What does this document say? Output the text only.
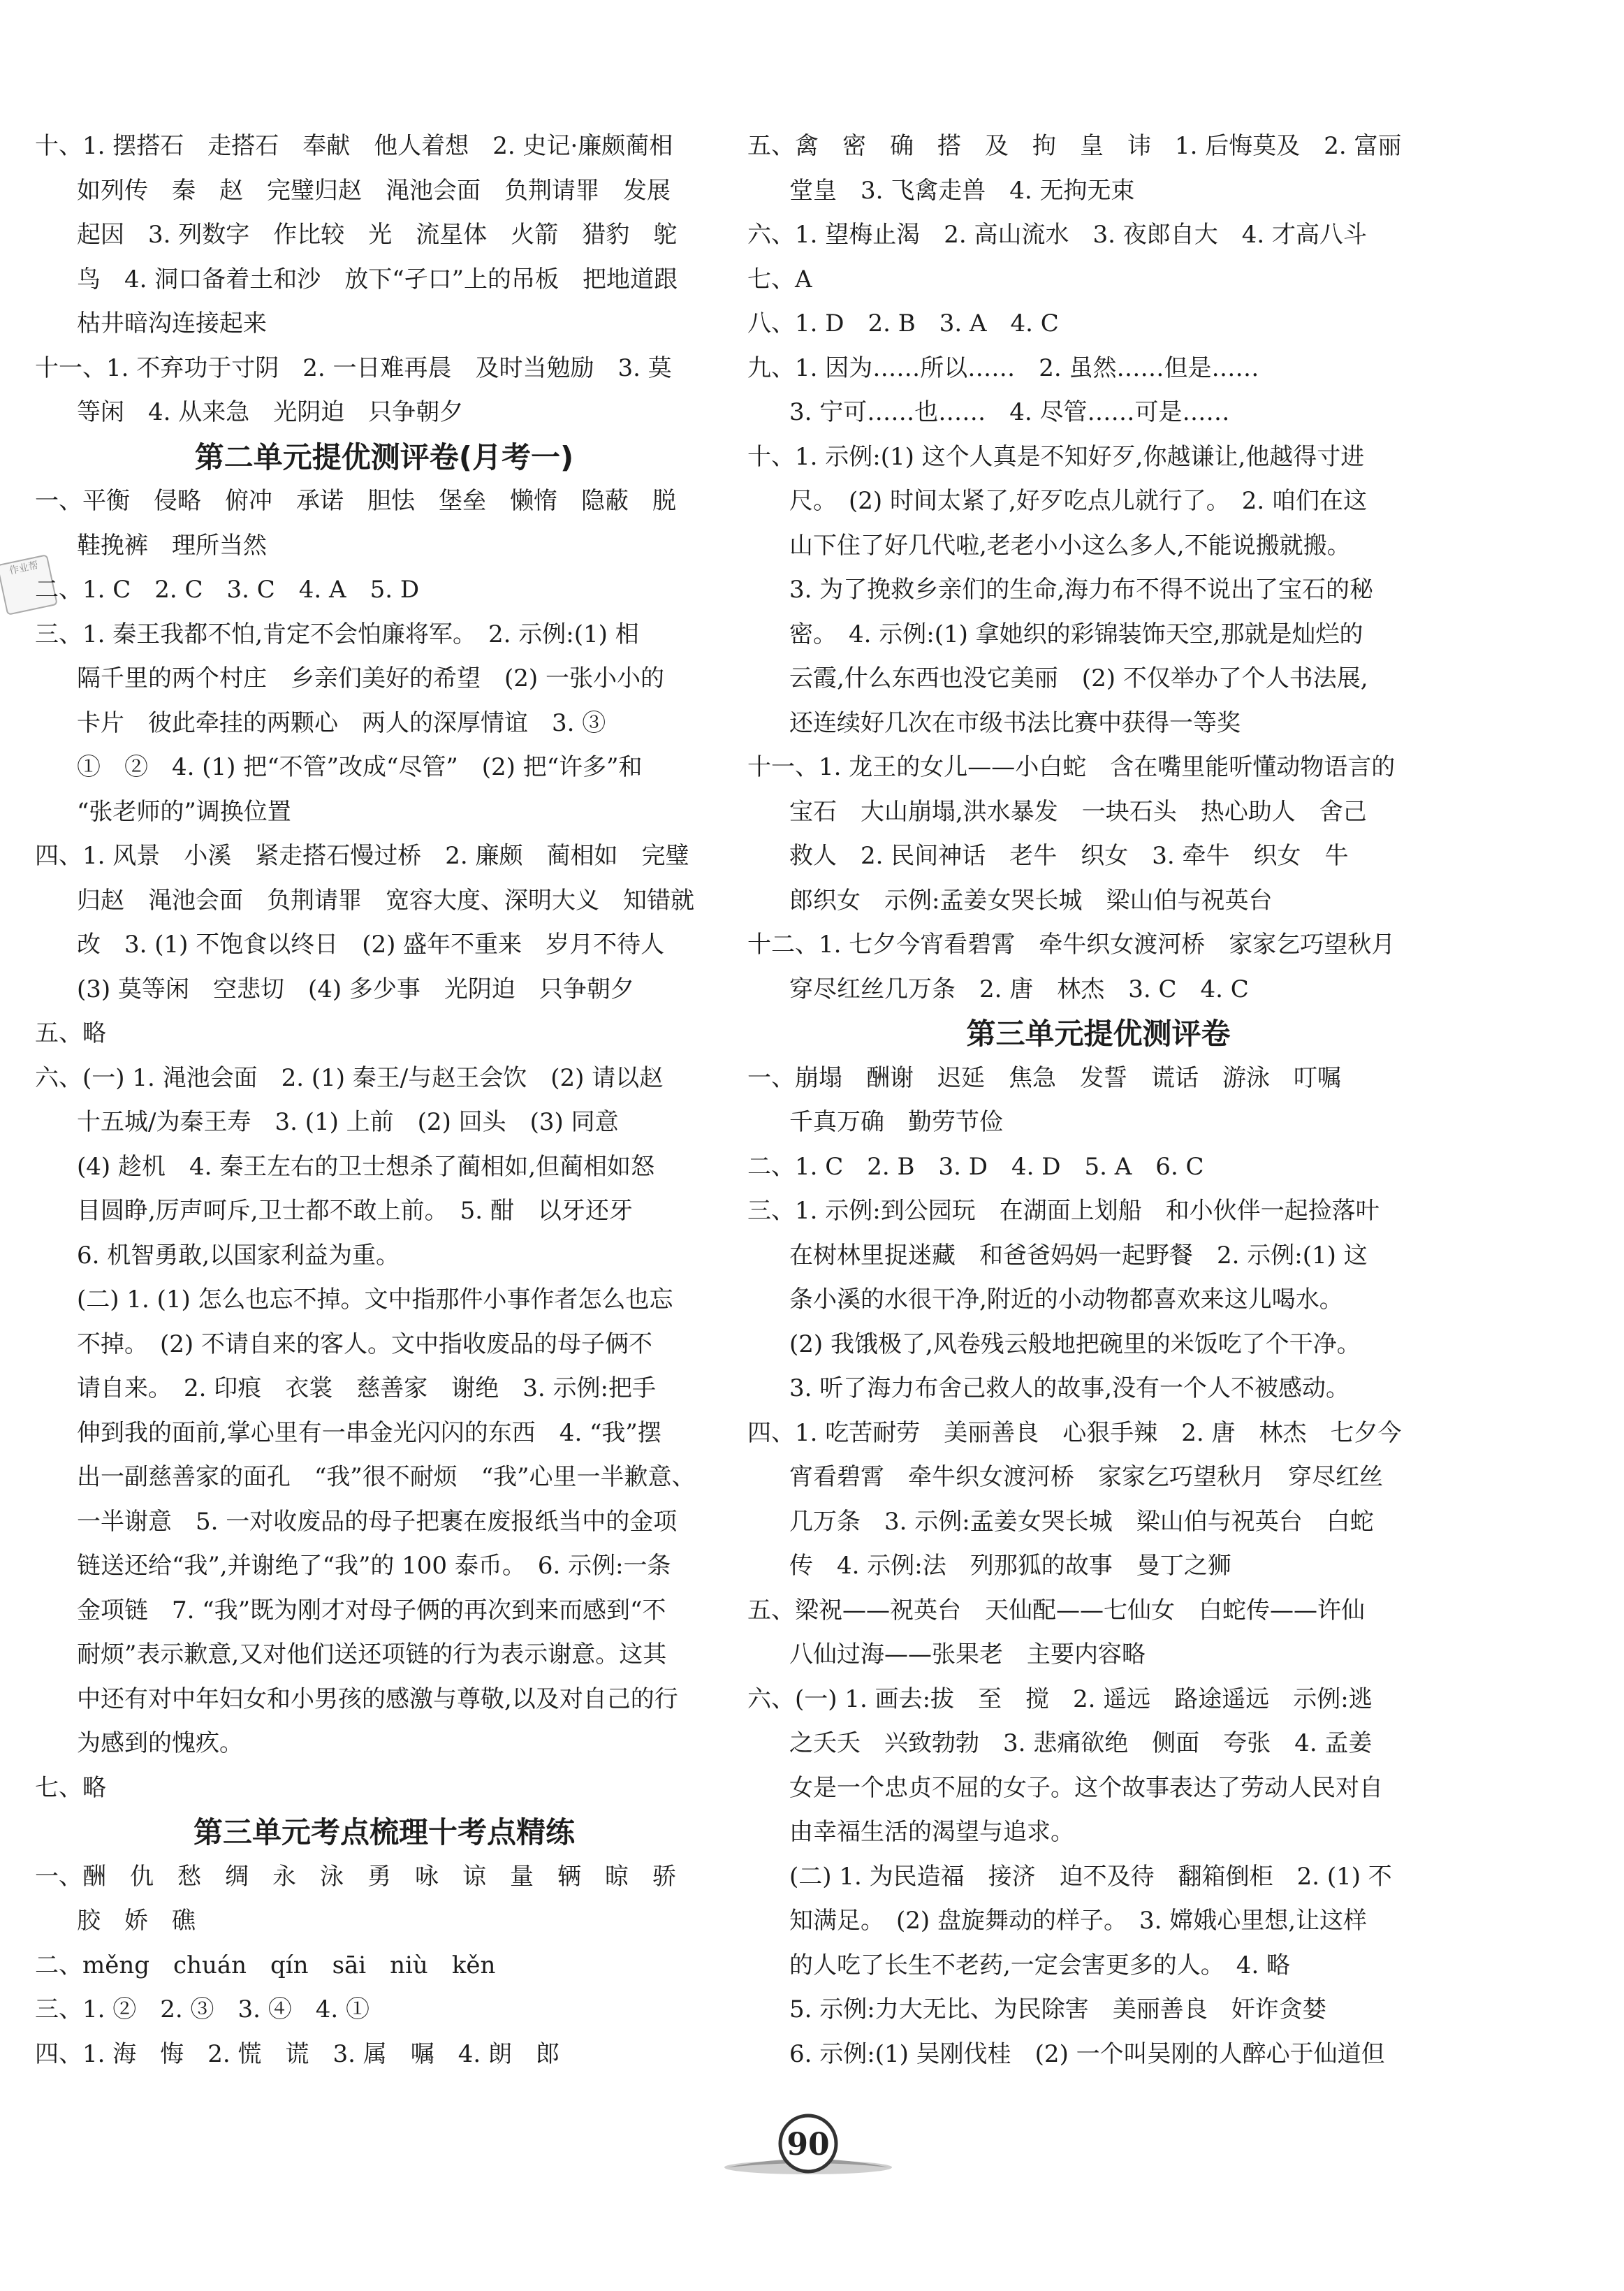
作业帮
十、1. 摆搭石　走搭石　奉献　他人着想　2. 史记·廉颇蔺相
如列传　秦　赵　完璧归赵　渑池会面　负荆请罪　发展
起因　3. 列数字　作比较　光　流星体　火箭　猎豹　鸵
鸟　4. 洞口备着土和沙　放下“孑口”上的吊板　把地道跟
枯井暗沟连接起来
十一、1. 不弃功于寸阴　2. 一日难再晨　及时当勉励　3. 莫
等闲　4. 从来急　光阴迫　只争朝夕
第二单元提优测评卷(月考一)
一、平衡　侵略　俯冲　承诺　胆怯　堡垒　懒惰　隐蔽　脱
鞋挽裤　理所当然
二、1. C　2. C　3. C　4. A　5. D
三、1. 秦王我都不怕,肯定不会怕廉将军。　2. 示例:(1) 相
隔千里的两个村庄　乡亲们美好的希望　(2) 一张小小的
卡片　彼此牵挂的两颗心　两人的深厚情谊　3. ③
①　②　4. (1) 把“不管”改成“尽管”　(2) 把“许多”和
“张老师的”调换位置
四、1. 风景　小溪　紧走搭石慢过桥　2. 廉颇　蔺相如　完璧
归赵　渑池会面　负荆请罪　宽容大度、深明大义　知错就
改　3. (1) 不饱食以终日　(2) 盛年不重来　岁月不待人
(3) 莫等闲　空悲切　(4) 多少事　光阴迫　只争朝夕
五、略
六、(一) 1. 渑池会面　2. (1) 秦王/与赵王会饮　(2) 请以赵
十五城/为秦王寿　3. (1) 上前　(2) 回头　(3) 同意
(4) 趁机　4. 秦王左右的卫士想杀了蔺相如,但蔺相如怒
目圆睁,厉声呵斥,卫士都不敢上前。　5. 酣　以牙还牙
6. 机智勇敢,以国家利益为重。
(二) 1. (1) 怎么也忘不掉。文中指那件小事作者怎么也忘
不掉。　(2) 不请自来的客人。文中指收废品的母子俩不
请自来。　2. 印痕　衣裳　慈善家　谢绝　3. 示例:把手
伸到我的面前,掌心里有一串金光闪闪的东西　4. “我”摆
出一副慈善家的面孔　“我”很不耐烦　“我”心里一半歉意、
一半谢意　5. 一对收废品的母子把裹在废报纸当中的金项
链送还给“我”,并谢绝了“我”的 100 泰币。　6. 示例:一条
金项链　7. “我”既为刚才对母子俩的再次到来而感到“不
耐烦”表示歉意,又对他们送还项链的行为表示谢意。这其
中还有对中年妇女和小男孩的感激与尊敬,以及对自己的行
为感到的愧疚。
七、略
第三单元考点梳理十考点精练
一、酬　仇　愁　绸　永　泳　勇　咏　谅　量　辆　晾　骄
胶　娇　礁
二、měng　chuán　qín　sāi　niù　kěn
三、1. ②　2. ③　3. ④　4. ①
四、1. 海　悔　2. 慌　谎　3. 属　嘱　4. 朗　郎
五、禽　密　确　搭　及　拘　皇　讳　1. 后悔莫及　2. 富丽
堂皇　3. 飞禽走兽　4. 无拘无束
六、1. 望梅止渴　2. 高山流水　3. 夜郎自大　4. 才高八斗
七、A
八、1. D　2. B　3. A　4. C
九、1. 因为……所以……　2. 虽然……但是……
3. 宁可……也……　4. 尽管……可是……
十、1. 示例:(1) 这个人真是不知好歹,你越谦让,他越得寸进
尺。　(2) 时间太紧了,好歹吃点儿就行了。　2. 咱们在这
山下住了好几代啦,老老小小这么多人,不能说搬就搬。
3. 为了挽救乡亲们的生命,海力布不得不说出了宝石的秘
密。　4. 示例:(1) 拿她织的彩锦装饰天空,那就是灿烂的
云霞,什么东西也没它美丽　(2) 不仅举办了个人书法展,
还连续好几次在市级书法比赛中获得一等奖
十一、1. 龙王的女儿——小白蛇　含在嘴里能听懂动物语言的
宝石　大山崩塌,洪水暴发　一块石头　热心助人　舍己
救人　2. 民间神话　老牛　织女　3. 牵牛　织女　牛
郎织女　示例:孟姜女哭长城　梁山伯与祝英台
十二、1. 七夕今宵看碧霄　牵牛织女渡河桥　家家乞巧望秋月
穿尽红丝几万条　2. 唐　林杰　3. C　4. C
第三单元提优测评卷
一、崩塌　酬谢　迟延　焦急　发誓　谎话　游泳　叮嘱
千真万确　勤劳节俭
二、1. C　2. B　3. D　4. D　5. A　6. C
三、1. 示例:到公园玩　在湖面上划船　和小伙伴一起捡落叶
在树林里捉迷藏　和爸爸妈妈一起野餐　2. 示例:(1) 这
条小溪的水很干净,附近的小动物都喜欢来这儿喝水。
(2) 我饿极了,风卷残云般地把碗里的米饭吃了个干净。
3. 听了海力布舍己救人的故事,没有一个人不被感动。
四、1. 吃苦耐劳　美丽善良　心狠手辣　2. 唐　林杰　七夕今
宵看碧霄　牵牛织女渡河桥　家家乞巧望秋月　穿尽红丝
几万条　3. 示例:孟姜女哭长城　梁山伯与祝英台　白蛇
传　4. 示例:法　列那狐的故事　曼丁之狮
五、梁祝——祝英台　天仙配——七仙女　白蛇传——许仙
八仙过海——张果老　主要内容略
六、(一) 1. 画去:拔　至　搅　2. 遥远　路途遥远　示例:逃
之夭夭　兴致勃勃　3. 悲痛欲绝　侧面　夸张　4. 孟姜
女是一个忠贞不屈的女子。这个故事表达了劳动人民对自
由幸福生活的渴望与追求。
(二) 1. 为民造福　接济　迫不及待　翻箱倒柜　2. (1) 不
知满足。　(2) 盘旋舞动的样子。　3. 嫦娥心里想,让这样
的人吃了长生不老药,一定会害更多的人。　4. 略
5. 示例:力大无比、为民除害　美丽善良　奸诈贪婪
6. 示例:(1) 吴刚伐桂　(2) 一个叫吴刚的人醉心于仙道但
90
